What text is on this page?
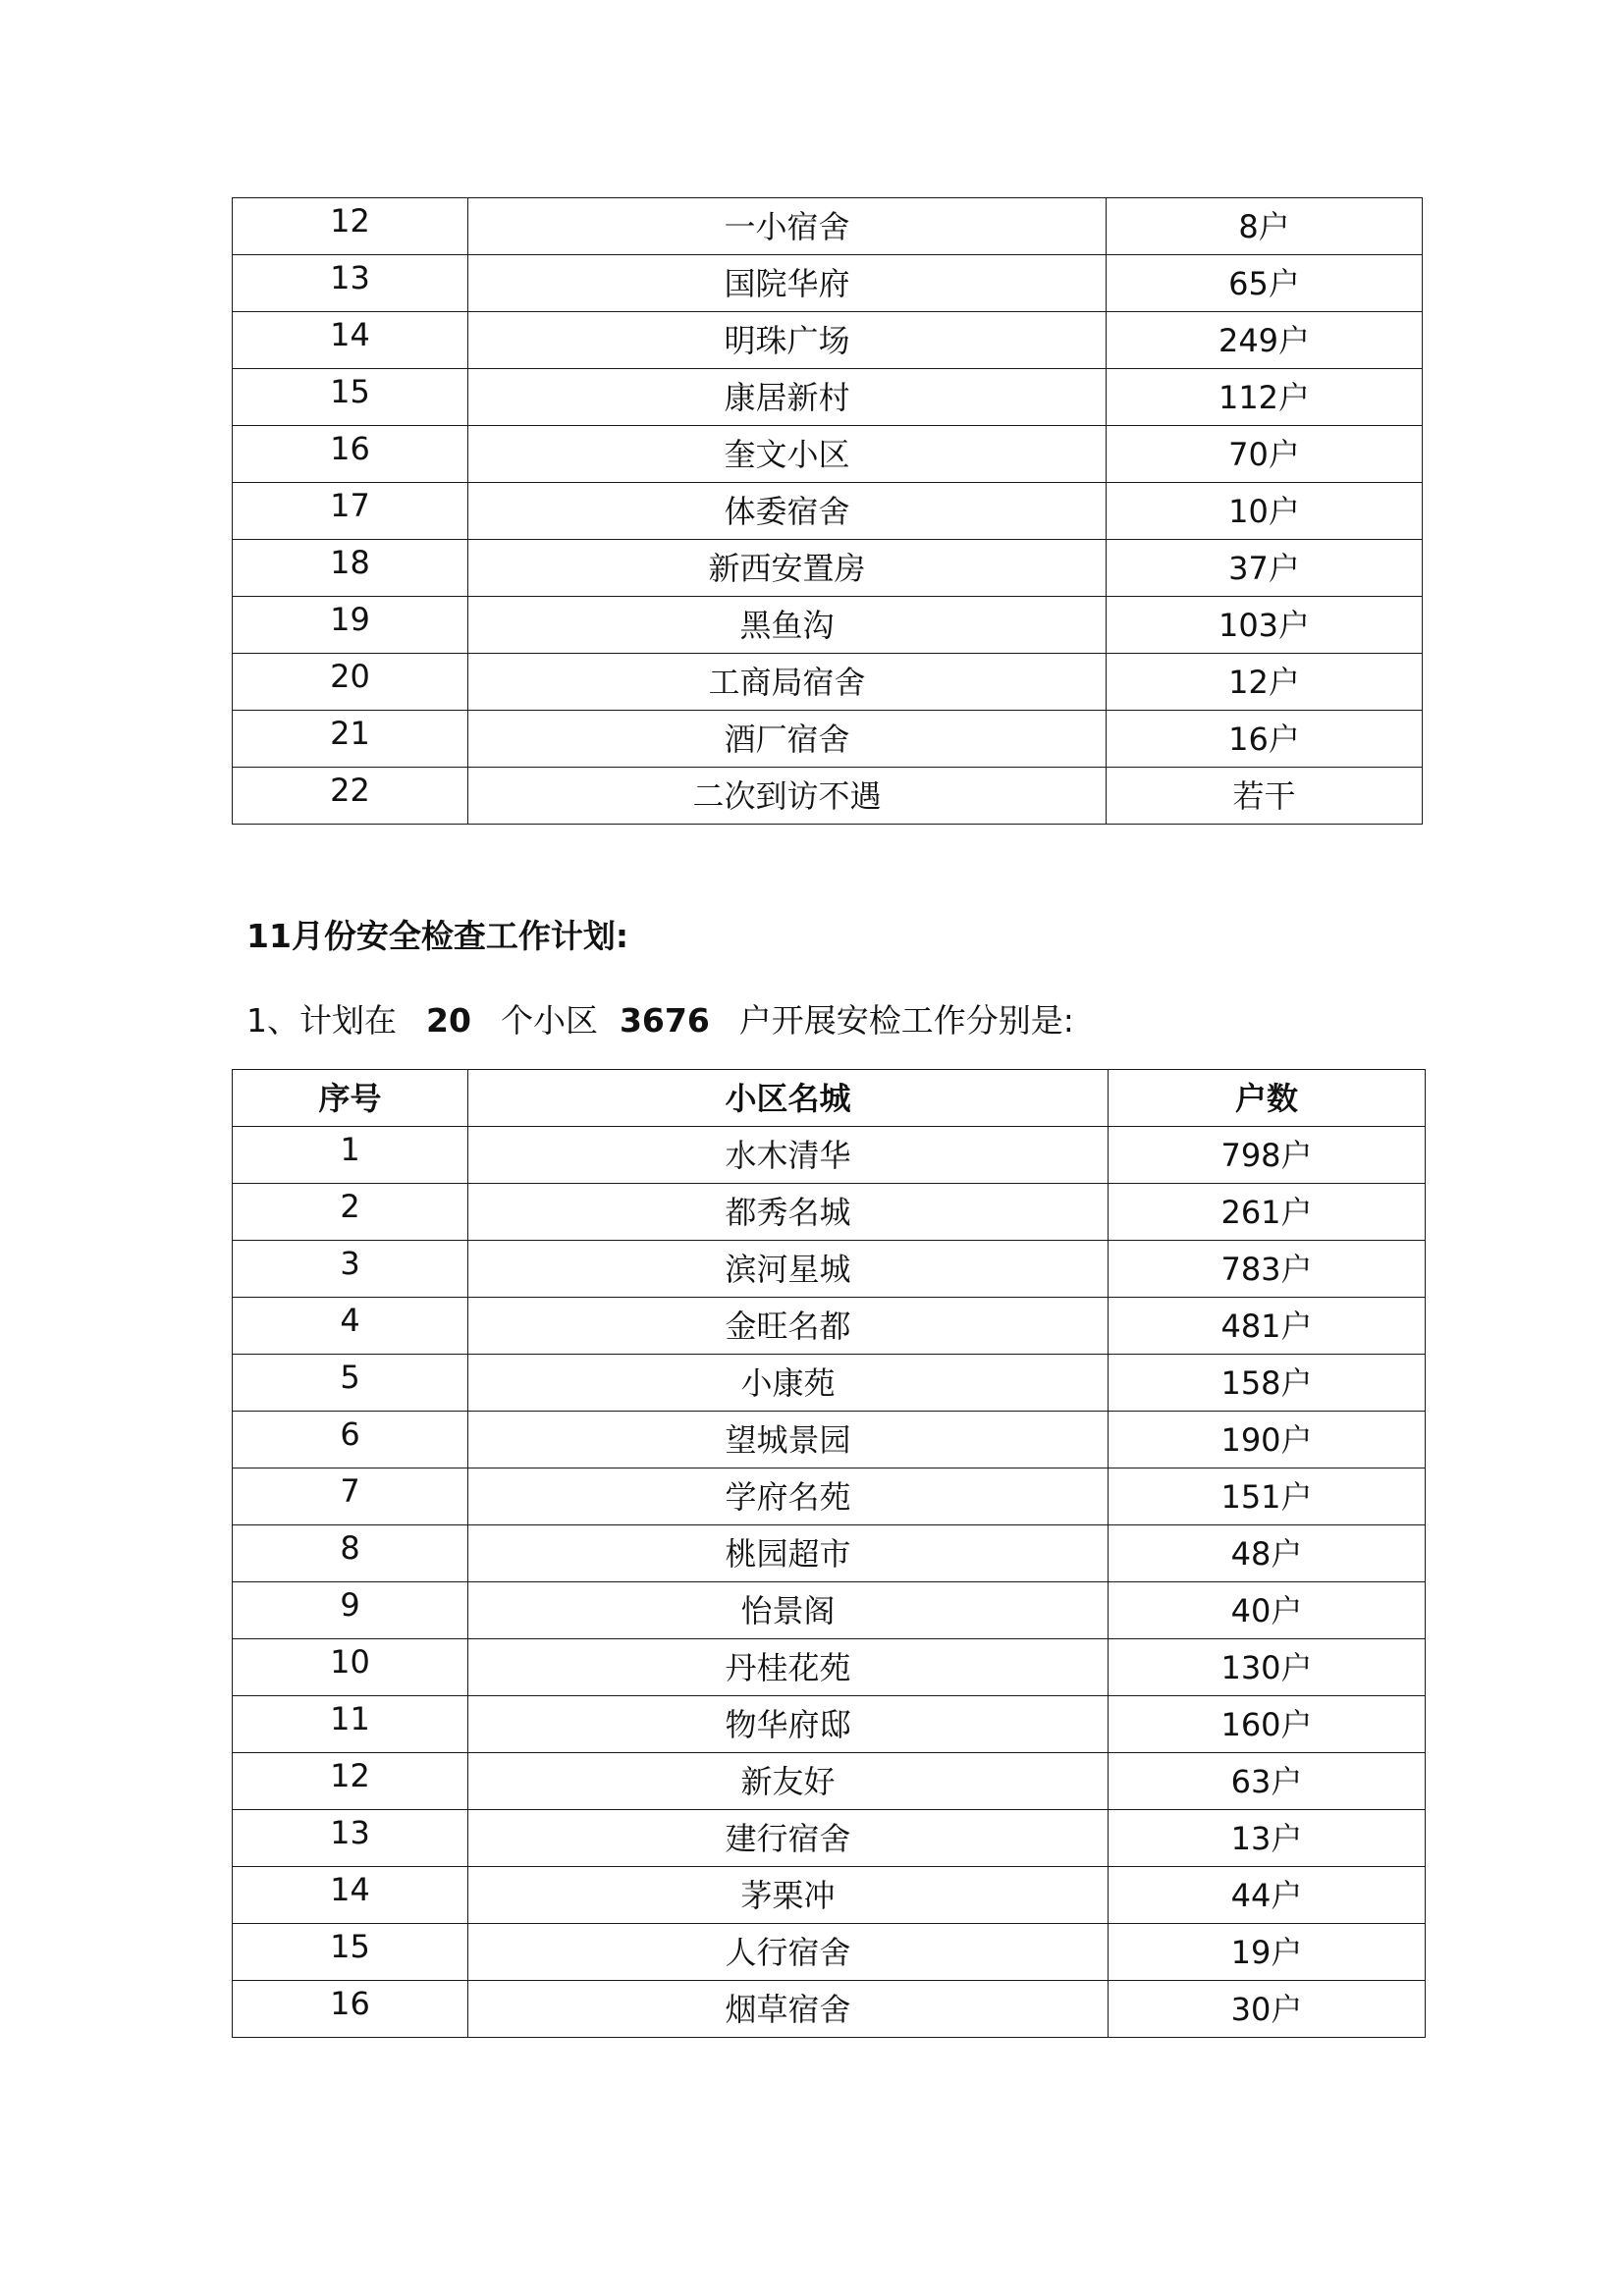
12	一小宿舍	8户
13	国院华府	65户
14	明珠广场	249户
15	康居新村	112户
16	奎文小区	70户
17	体委宿舍	10户
18	新西安置房	37户
19	黑鱼沟	103户
20	工商局宿舍	12户
21	酒厂宿舍	16户
22	二次到访不遇	若干
11月份安全检查工作计划:
1、计划在 20 个小区 3676 户开展安检工作分别是:
序号	小区名城	户数
1	水木清华	798户
2	都秀名城	261户
3	滨河星城	783户
4	金旺名都	481户
5	小康苑	158户
6	望城景园	190户
7	学府名苑	151户
8	桃园超市	48户
9	怡景阁	40户
10	丹桂花苑	130户
11	物华府邸	160户
12	新友好	63户
13	建行宿舍	13户
14	茅栗冲	44户
15	人行宿舍	19户
16	烟草宿舍	30户
